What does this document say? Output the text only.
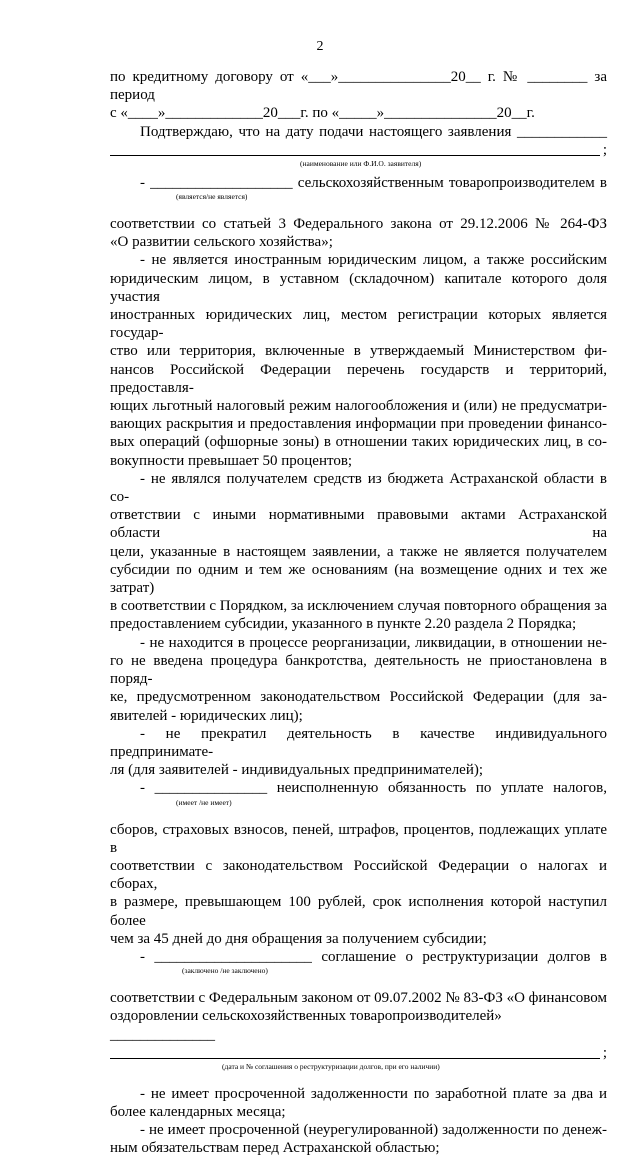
2
по кредитному договору от «___»_______________20__ г. № ________ за период
с «____»_____________20___г. по «_____»_______________20__г.
Подтверждаю, что на дату подачи настоящего заявления ____________
;
(наименование или Ф.И.О. заявителя)
- ___________________ сельскохозяйственным товаропроизводителем в
(является/не является)
соответствии со статьей 3 Федерального закона от 29.12.2006 № 264-ФЗ
«О развитии сельского хозяйства»;
- не является иностранным юридическим лицом, а также российским
юридическим лицом, в уставном (складочном) капитале которого доля участия
иностранных юридических лиц, местом регистрации которых является государ-
ство или территория, включенные в утверждаемый Министерством фи-
нансов Российской Федерации перечень государств и территорий, предоставля-
ющих льготный налоговый режим налогообложения и (или) не предусматри-
вающих раскрытия и предоставления информации при проведении финансо-
вых операций (офшорные зоны) в отношении таких юридических лиц, в со-
вокупности превышает 50 процентов;
- не являлся получателем средств из бюджета Астраханской области в со-
ответствии с иными нормативными правовыми актами Астраханской области на
цели, указанные в настоящем заявлении, а также не является получателем
субсидии по одним и тем же основаниям (на возмещение одних и тех же затрат)
в соответствии с Порядком, за исключением случая повторного обращения за
предоставлением субсидии, указанного в пункте 2.20 раздела 2 Порядка;
- не находится в процессе реорганизации, ликвидации, в отношении не-
го не введена процедура банкротства, деятельность не приостановлена в поряд-
ке, предусмотренном законодательством Российской Федерации (для за-
явителей - юридических лиц);
- не прекратил деятельность в качестве индивидуального предпринимате-
ля (для заявителей - индивидуальных предпринимателей);
- _______________ неисполненную обязанность по уплате налогов,
(имеет /не имеет)
сборов, страховых взносов, пеней, штрафов, процентов, подлежащих уплате в
соответствии с законодательством Российской Федерации о налогах и сборах,
в размере, превышающем 100 рублей, срок исполнения которой наступил более
чем за 45 дней до дня обращения за получением субсидии;
- _____________________ соглашение о реструктуризации долгов в
(заключено /не заключено)
соответствии с Федеральным законом от 09.07.2002 № 83-ФЗ «О финансовом
оздоровлении сельскохозяйственных товаропроизводителей» ______________
;
(дата и № соглашения о реструктуризации долгов, при его наличии)
- не имеет просроченной задолженности по заработной плате за два и
более календарных месяца;
- не имеет просроченной (неурегулированной) задолженности по денеж-
ным обязательствам перед Астраханской областью;
